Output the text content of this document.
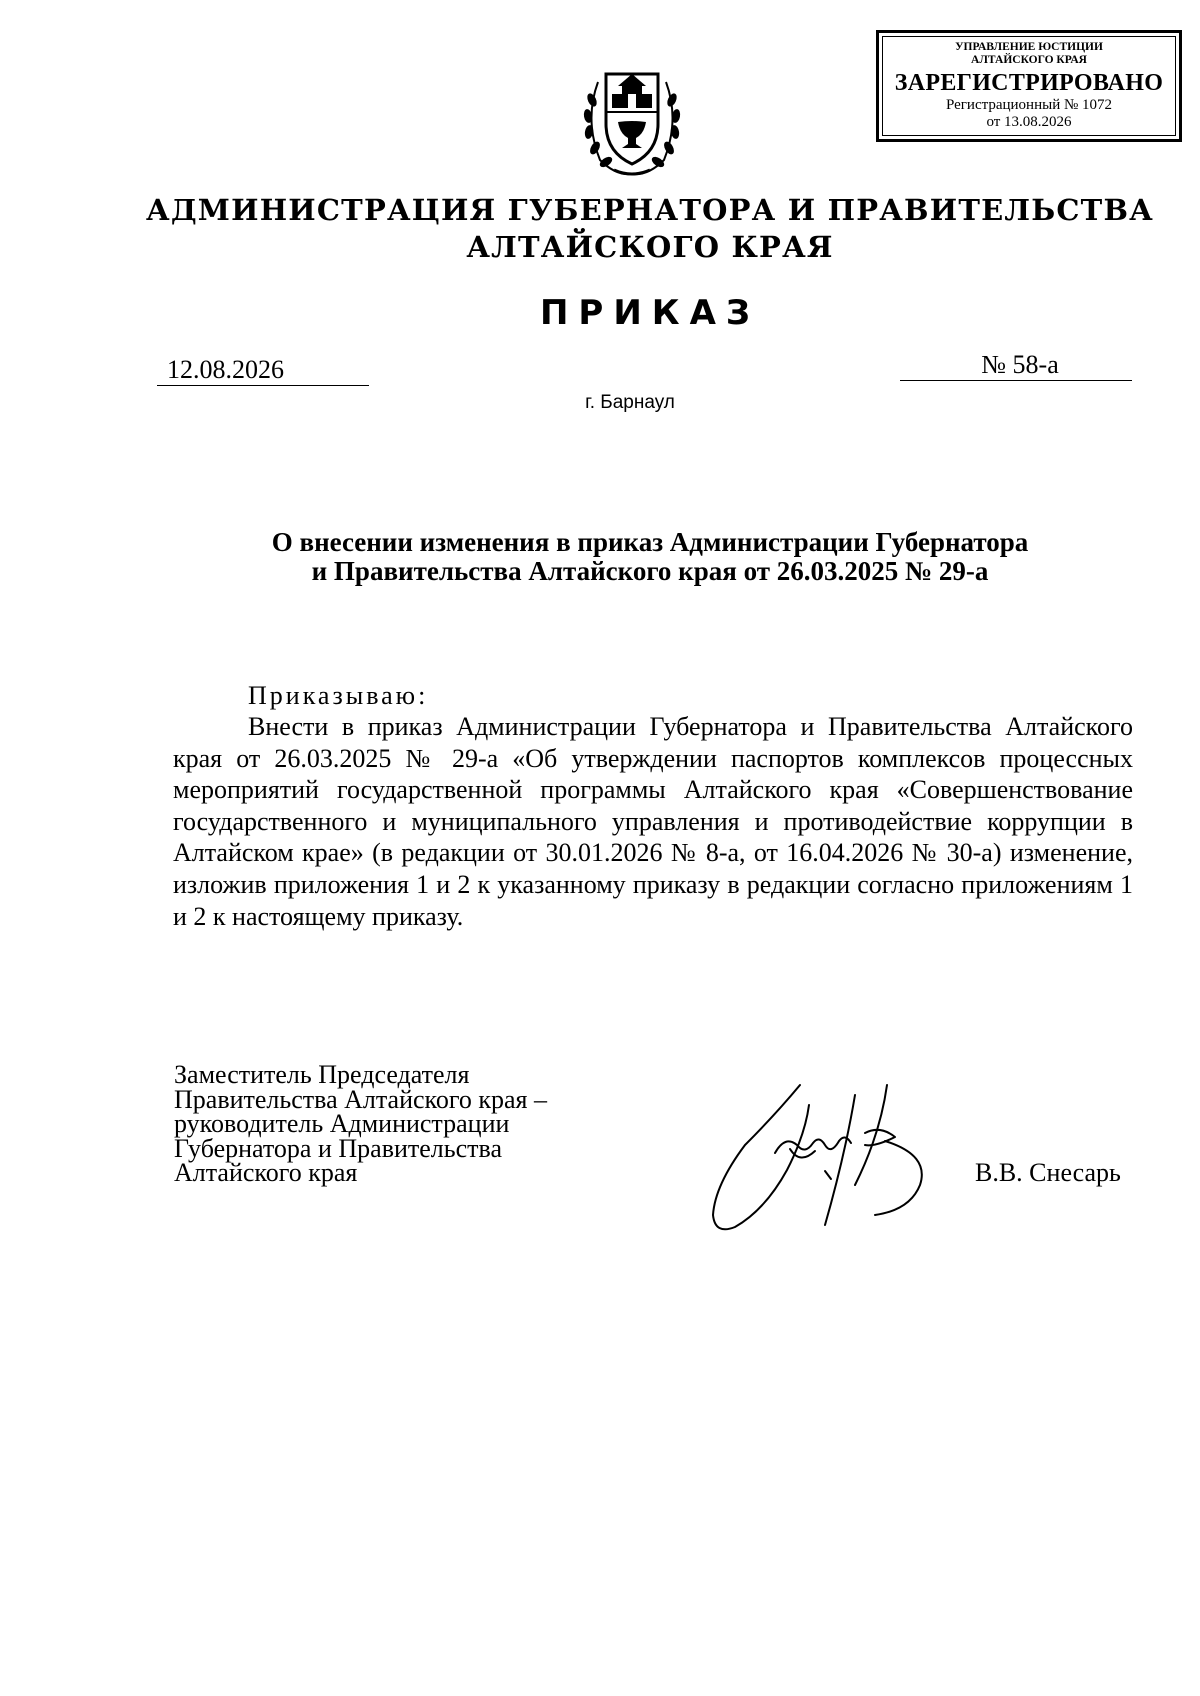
УПРАВЛЕНИЕ ЮСТИЦИИ
АЛТАЙСКОГО КРАЯ
ЗАРЕГИСТРИРОВАНО
Регистрационный № 1072
от 13.08.2026
АДМИНИСТРАЦИЯ ГУБЕРНАТОРА И ПРАВИТЕЛЬСТВА
АЛТАЙСКОГО КРАЯ
ПРИКАЗ
12.08.2026	№ 58-а
г. Барнаул
О внесении изменения в приказ Администрации Губернатора
и Правительства Алтайского края от 26.03.2025 № 29-а
Приказываю:
Внести в приказ Администрации Губернатора и Правительства Алтайского края от 26.03.2025 № 29-а «Об утверждении паспортов комплексов процессных мероприятий государственной программы Алтайского края «Совершенствование государственного и муниципального управления и противодействие коррупции в Алтайском крае» (в редакции от 30.01.2026 № 8-а, от 16.04.2026 № 30-а) изменение, изложив приложения 1 и 2 к указанному приказу в редакции согласно приложениям 1 и 2 к настоящему приказу.
Заместитель Председателя
Правительства Алтайского края –
руководитель Администрации
Губернатора и Правительства
Алтайского края	В.В. Снесарь
